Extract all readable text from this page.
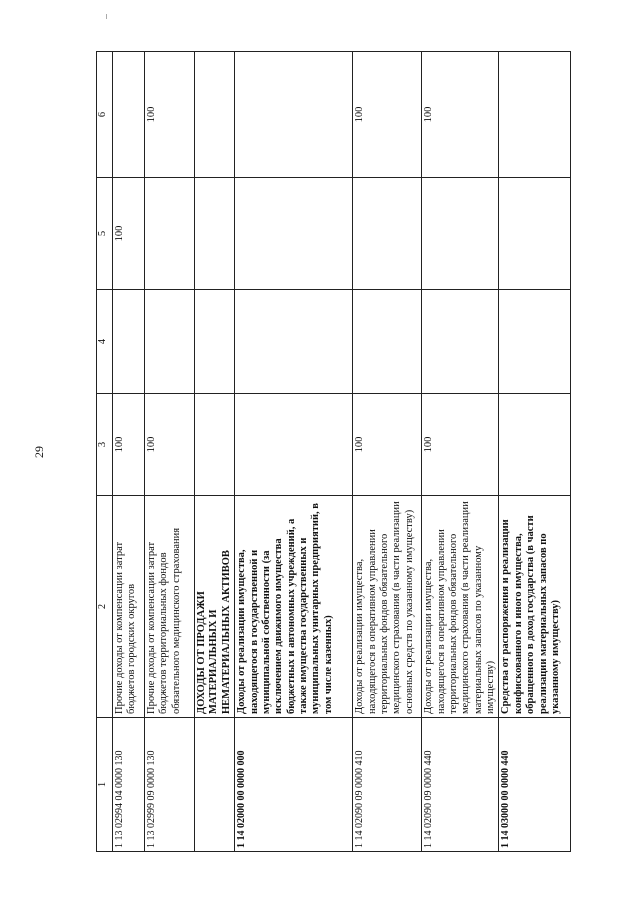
29
1	2	3	4	5	6
1 13 02994 04 0000 130	Прочие доходы от компенсации затрат бюджетов городских округов	100		100	
1 13 02999 09 0000 130	Прочие доходы от компенсации затрат бюджетов территориальных фондов обязательного медицинского страхования	100			100
	ДОХОДЫ ОТ ПРОДАЖИ МАТЕРИАЛЬНЫХ И НЕМАТЕРИАЛЬНЫХ АКТИВОВ				
1 14 02000 00 0000 000	Доходы от реализации имущества, находящегося в государственной и муниципальной собственности (за исключением движимого имущества бюджетных и автономных учреждений, а также имущества государственных и муниципальных унитарных предприятий, в том числе казенных)				
1 14 02090 09 0000 410	Доходы от реализации имущества, находящегося в оперативном управлении территориальных фондов обязательного медицинского страхования (в части реализации основных средств по указанному имуществу)	100			100
1 14 02090 09 0000 440	Доходы от реализации имущества, находящегося в оперативном управлении территориальных фондов обязательного медицинского страхования (в части реализации материальных запасов по указанному имуществу)	100			100
1 14 03000 00 0000 440	Средства от распоряжения и реализации конфискованного и иного имущества, обращенного в доход государства (в части реализации материальных запасов по указанному имуществу)				
